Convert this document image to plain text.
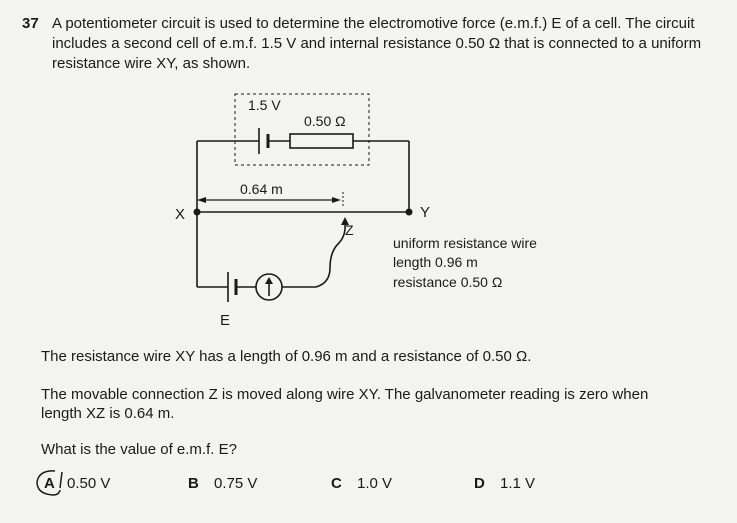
37 A potentiometer circuit is used to determine the electromotive force (e.m.f.) E of a cell. The circuit
includes a second cell of e.m.f. 1.5 V and internal resistance 0.50 Ω that is connected to a uniform
resistance wire XY, as shown.
1.5 V
0.50 Ω
0.64 m
X	Y
Z
E
uniform resistance wire
length 0.96 m
resistance 0.50 Ω
The resistance wire XY has a length of 0.96 m and a resistance of 0.50 Ω.
The movable connection Z is moved along wire XY. The galvanometer reading is zero when
length XZ is 0.64 m.
What is the value of e.m.f. E?
A 0.50 V	B 0.75 V	C 1.0 V	D 1.1 V
